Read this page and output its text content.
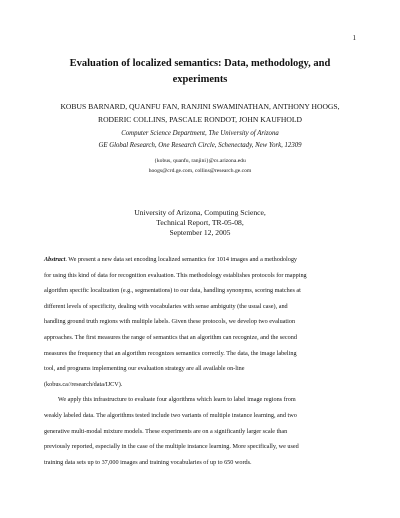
1
Evaluation of localized semantics: Data, methodology, and
experiments
KOBUS BARNARD, QUANFU FAN, RANJINI SWAMINATHAN, ANTHONY HOOGS,
RODERIC COLLINS, PASCALE RONDOT, JOHN KAUFHOLD
Computer Science Department, The University of Arizona
GE Global Research, One Research Circle, Schenectady, New York, 12309
{kobus, quanfu, ranjini}@cs.arizona.edu
hoogs@crd.ge.com, collins@research.ge.com
University of Arizona, Computing Science,
Technical Report, TR-05-08,
September 12, 2005
Abstract. We present a new data set encoding localized semantics for 1014 images and a methodology
for using this kind of data for recognition evaluation. This methodology establishes protocols for mapping
algorithm specific localization (e.g., segmentations) to our data, handling synonyms, scoring matches at
different levels of specificity, dealing with vocabularies with sense ambiguity (the usual case), and
handling ground truth regions with multiple labels. Given these protocols, we develop two evaluation
approaches. The first measures the range of semantics that an algorithm can recognize, and the second
measures the frequency that an algorithm recognizes semantics correctly. The data, the image labeling
tool, and programs implementing our evaluation strategy are all available on-line
(kobus.ca//research/data/IJCV).
We apply this infrastructure to evaluate four algorithms which learn to label image regions from
weakly labeled data. The algorithms tested include two variants of multiple instance learning, and two
generative multi-modal mixture models. These experiments are on a significantly larger scale than
previously reported, especially in the case of the multiple instance learning. More specifically, we used
training data sets up to 37,000 images and training vocabularies of up to 650 words.
